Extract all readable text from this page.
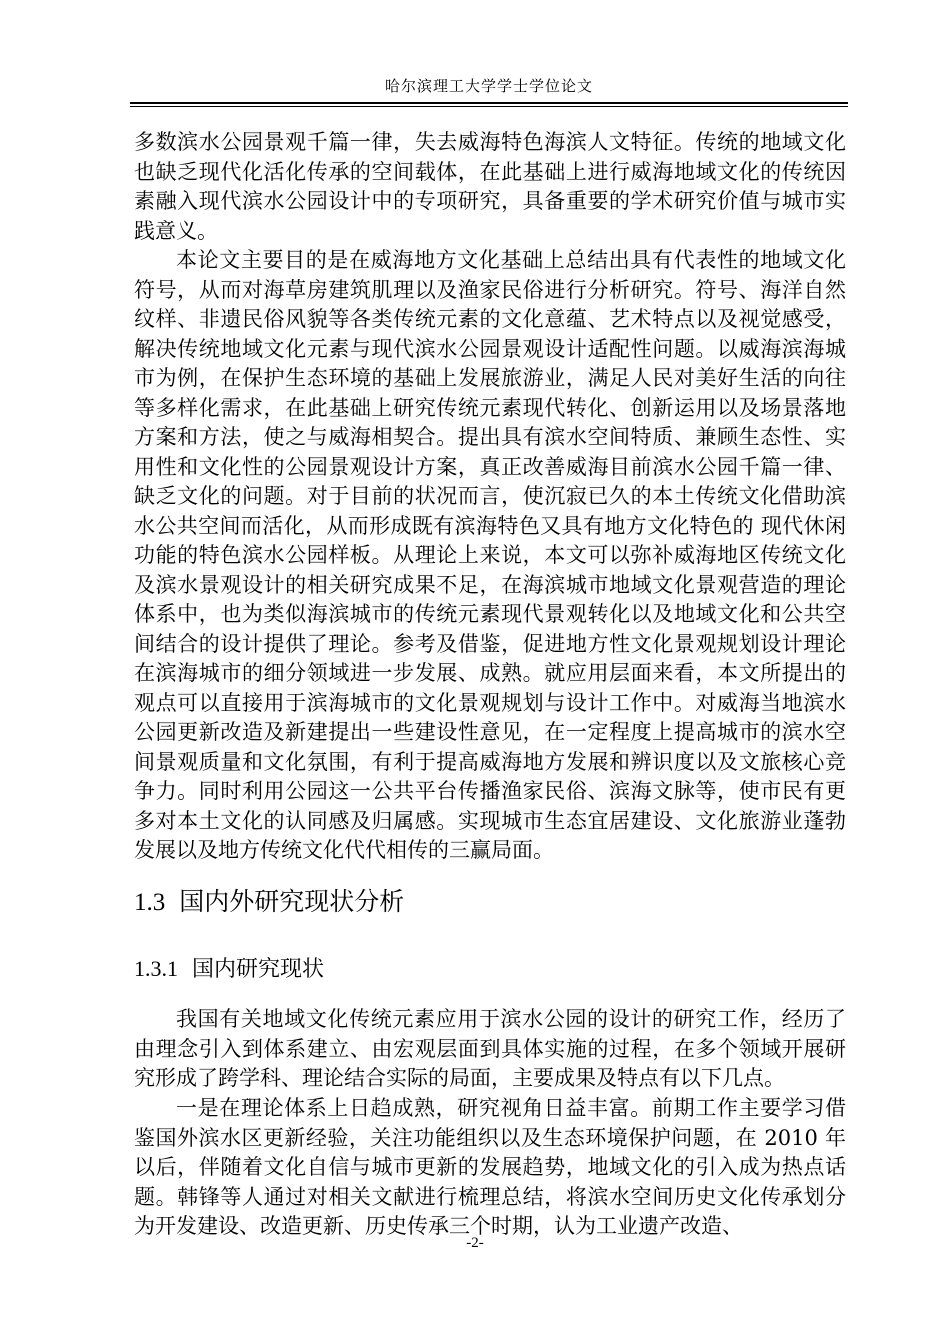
哈尔滨理工大学学士学位论文

多数滨水公园景观千篇一律，失去威海特色海滨人文特征。传统的地域文化也缺乏现代化活化传承的空间载体，在此基础上进行威海地域文化的传统因素融入现代滨水公园设计中的专项研究，具备重要的学术研究价值与城市实践意义。

本论文主要目的是在威海地方文化基础上总结出具有代表性的地域文化符号，从而对海草房建筑肌理以及渔家民俗进行分析研究。符号、海洋自然纹样、非遗民俗风貌等各类传统元素的文化意蕴、艺术特点以及视觉感受，解决传统地域文化元素与现代滨水公园景观设计适配性问题。以威海滨海城市为例，在保护生态环境的基础上发展旅游业，满足人民对美好生活的向往等多样化需求，在此基础上研究传统元素现代转化、创新运用以及场景落地方案和方法，使之与威海相契合。提出具有滨水空间特质、兼顾生态性、实用性和文化性的公园景观设计方案，真正改善威海目前滨水公园千篇一律、缺乏文化的问题。对于目前的状况而言，使沉寂已久的本土传统文化借助滨水公共空间而活化，从而形成既有滨海特色又具有地方文化特色的 现代休闲功能的特色滨水公园样板。从理论上来说，本文可以弥补威海地区传统文化及滨水景观设计的相关研究成果不足，在海滨城市地域文化景观营造的理论体系中，也为类似海滨城市的传统元素现代景观转化以及地域文化和公共空间结合的设计提供了理论。参考及借鉴，促进地方性文化景观规划设计理论在滨海城市的细分领域进一步发展、成熟。就应用层面来看，本文所提出的观点可以直接用于滨海城市的文化景观规划与设计工作中。对威海当地滨水公园更新改造及新建提出一些建设性意见，在一定程度上提高城市的滨水空间景观质量和文化氛围，有利于提高威海地方发展和辨识度以及文旅核心竞争力。同时利用公园这一公共平台传播渔家民俗、滨海文脉等，使市民有更多对本土文化的认同感及归属感。实现城市生态宜居建设、文化旅游业蓬勃发展以及地方传统文化代代相传的三赢局面。

1.3 国内外研究现状分析
1.3.1 国内研究现状

我国有关地域文化传统元素应用于滨水公园的设计的研究工作，经历了由理念引入到体系建立、由宏观层面到具体实施的过程，在多个领域开展研究形成了跨学科、理论结合实际的局面，主要成果及特点有以下几点。

一是在理论体系上日趋成熟，研究视角日益丰富。前期工作主要学习借鉴国外滨水区更新经验，关注功能组织以及生态环境保护问题，在 2010 年以后，伴随着文化自信与城市更新的发展趋势，地域文化的引入成为热点话题。韩锋等人通过对相关文献进行梳理总结，将滨水空间历史文化传承划分为开发建设、改造更新、历史传承三个时期，认为工业遗产改造、

-2-
